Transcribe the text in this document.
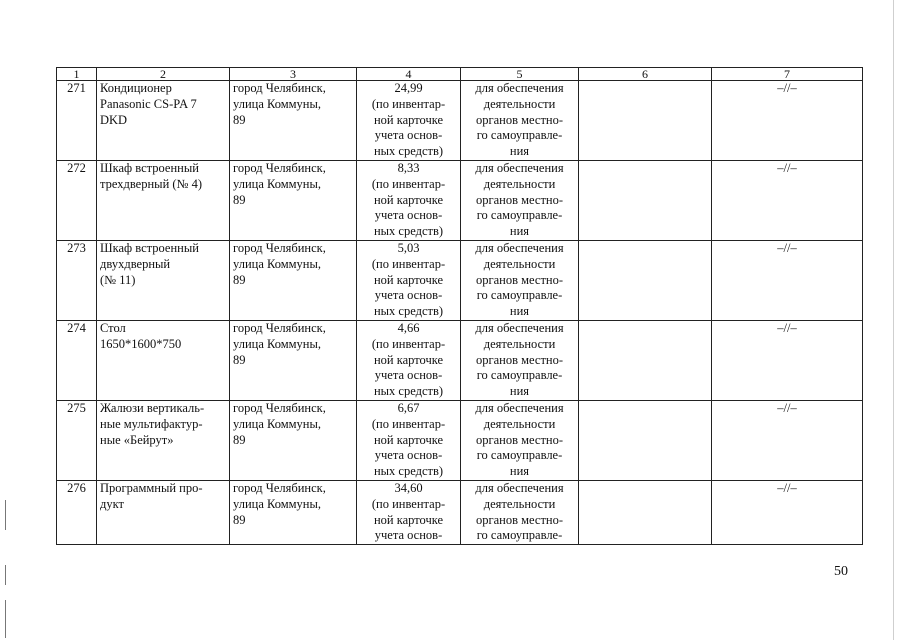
1	2	3	4	5	6	7
271	Кондиционер
Panasonic CS-PA 7
DKD	город Челябинск,
улица Коммуны,
89	24,99
(по инвентар-
ной карточке
учета основ-
ных средств)	для обеспечения
деятельности
органов местно-
го самоуправле-
ния		–//–
272	Шкаф встроенный
трехдверный (№ 4)	город Челябинск,
улица Коммуны,
89	8,33
(по инвентар-
ной карточке
учета основ-
ных средств)	для обеспечения
деятельности
органов местно-
го самоуправле-
ния		–//–
273	Шкаф встроенный
двухдверный
(№ 11)	город Челябинск,
улица Коммуны,
89	5,03
(по инвентар-
ной карточке
учета основ-
ных средств)	для обеспечения
деятельности
органов местно-
го самоуправле-
ния		–//–
274	Стол
1650*1600*750	город Челябинск,
улица Коммуны,
89	4,66
(по инвентар-
ной карточке
учета основ-
ных средств)	для обеспечения
деятельности
органов местно-
го самоуправле-
ния		–//–
275	Жалюзи вертикаль-
ные мультифактур-
ные «Бейрут»	город Челябинск,
улица Коммуны,
89	6,67
(по инвентар-
ной карточке
учета основ-
ных средств)	для обеспечения
деятельности
органов местно-
го самоуправле-
ния		–//–
276	Программный про-
дукт	город Челябинск,
улица Коммуны,
89	34,60
(по инвентар-
ной карточке
учета основ-	для обеспечения
деятельности
органов местно-
го самоуправле-		–//–
50
